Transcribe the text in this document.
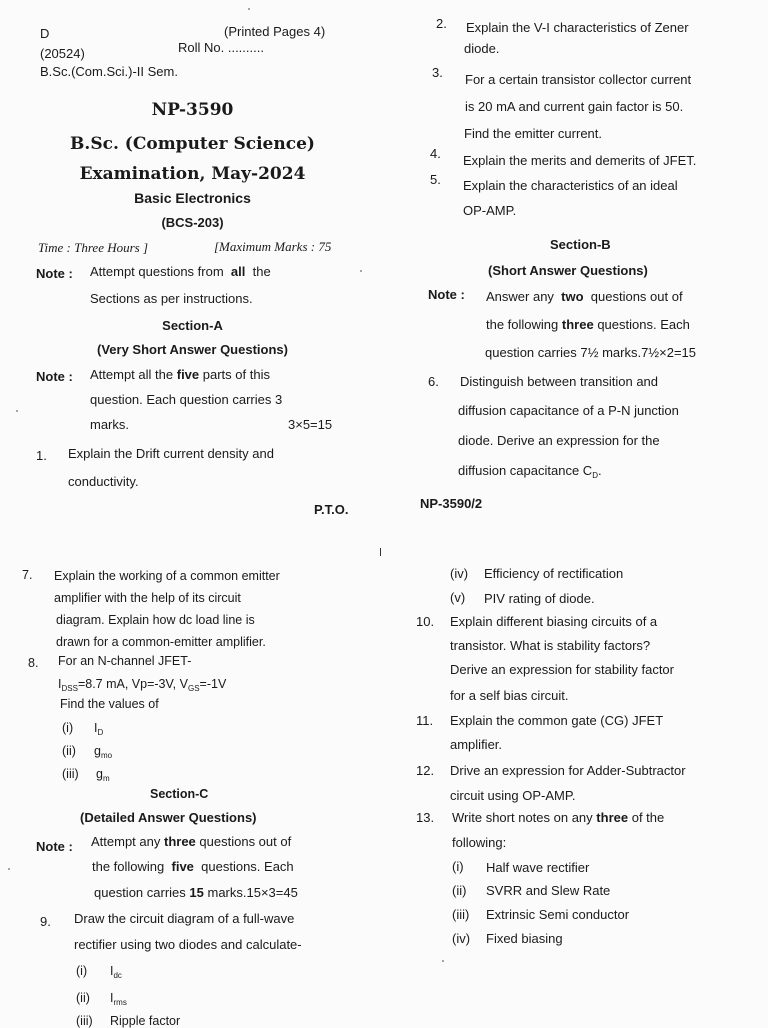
D	(Printed Pages 4)
(20524)	Roll No. ..........
B.Sc.(Com.Sci.)-II Sem.
NP-3590
B.Sc. (Computer Science)
Examination, May-2024
Basic Electronics
(BCS-203)
Time : Three Hours ]	[Maximum Marks : 75
Note : Attempt questions from all the
Sections as per instructions.
Section-A
(Very Short Answer Questions)
Note : Attempt all the five parts of this
question. Each question carries 3
marks.	3×5=15
1. Explain the Drift current density and
conductivity.
P.T.O.
2. Explain the V-I characteristics of Zener
diode.
3. For a certain transistor collector current
is 20 mA and current gain factor is 50.
Find the emitter current.
4. Explain the merits and demerits of JFET.
5. Explain the characteristics of an ideal
OP-AMP.
Section-B
(Short Answer Questions)
Note : Answer any two questions out of
the following three questions. Each
question carries 7½ marks.7½×2=15
6. Distinguish between transition and
diffusion capacitance of a P-N junction
diode. Derive an expression for the
diffusion capacitance $C_D$.
NP-3590/2
7. Explain the working of a common emitter
amplifier with the help of its circuit
diagram. Explain how dc load line is
drawn for a common-emitter amplifier.
8. For an N-channel JFET-
$I_{DSS}=8.7$ mA, Vp=-3V, $V_{GS}=-1V$
Find the values of
(i) $I_D$
(ii) $g_{mo}$
(iii) $g_m$
Section-C
(Detailed Answer Questions)
Note : Attempt any three questions out of
the following five questions. Each
question carries 15 marks.15×3=45
9. Draw the circuit diagram of a full-wave
rectifier using two diodes and calculate-
(i) $I_{dc}$
(ii) $I_{rms}$
(iii) Ripple factor
(iv) Efficiency of rectification
(v) PIV rating of diode.
10. Explain different biasing circuits of a
transistor. What is stability factors?
Derive an expression for stability factor
for a self bias circuit.
11. Explain the common gate (CG) JFET
amplifier.
12. Drive an expression for Adder-Subtractor
circuit using OP-AMP.
13. Write short notes on any three of the
following:
(i) Half wave rectifier
(ii) SVRR and Slew Rate
(iii) Extrinsic Semi conductor
(iv) Fixed biasing
